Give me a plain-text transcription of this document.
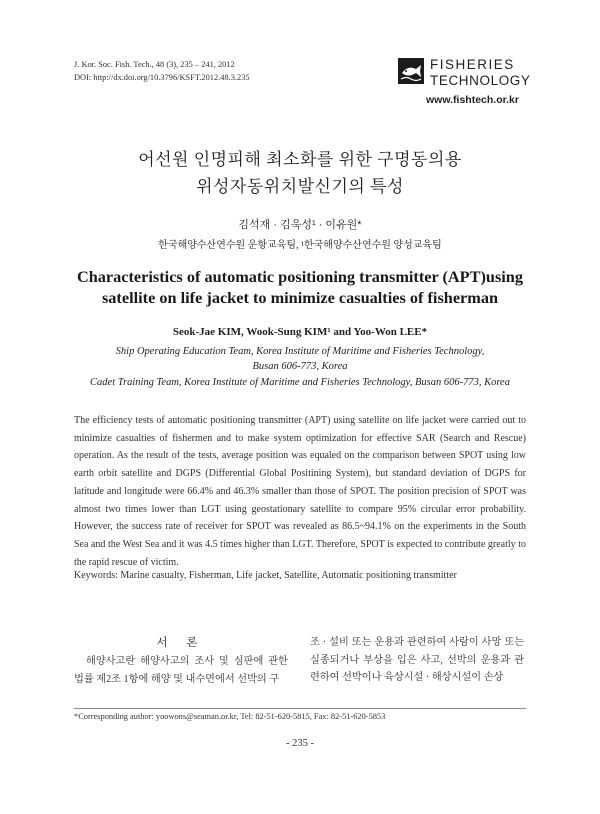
J. Kor. Soc. Fish. Tech., 48 (3), 235 – 241, 2012
DOI: http://dx.doi.org/10.3796/KSFT.2012.48.3.235
FISHERIES
TECHNOLOGY
www.fishtech.or.kr
어선원 인명피해 최소화를 위한 구명동의용
위성자동위치발신기의 특성
김석재 · 김욱성¹ · 이유원*
한국해양수산연수원 운항교육팀, ¹한국해양수산연수원 양성교육팀
Characteristics of automatic positioning transmitter (APT)using
satellite on life jacket to minimize casualties of fisherman
Seok-Jae KIM, Wook-Sung KIM¹ and Yoo-Won LEE*
Ship Operating Education Team, Korea Institute of Maritime and Fisheries Technology,
Busan 606-773, Korea
Cadet Training Team, Korea Institute of Maritime and Fisheries Technology, Busan 606-773, Korea

The efficiency tests of automatic positioning transmitter (APT) using satellite on life jacket were carried out to minimize casualties of fishermen and to make system optimization for effective SAR (Search and Rescue) operation. As the result of the tests, average position was equaled on the comparison between SPOT using low earth orbit satellite and DGPS (Differential Global Positining System), but standard deviation of DGPS for latitude and longitude were 66.4% and 46.3% smaller than those of SPOT. The position precision of SPOT was almost two times lower than LGT using geostationary satellite to compare 95% circular error probability. However, the success rate of receiver for SPOT was revealed as 86.5~94.1% on the experiments in the South Sea and the West Sea and it was 4.5 times higher than LGT. Therefore, SPOT is expected to contribute greatly to the rapid rescue of victim.

Keywords: Marine casualty, Fisherman, Life jacket, Satellite, Automatic positioning transmitter
서 론
해양사고란 해양사고의 조사 및 심판에 관한 법률 제2조 1항에 해양 및 내수면에서 선박의 구
조 · 설비 또는 운용과 관련하여 사람이 사망 또는 실종되거나 부상을 입은 사고, 선박의 운용과 관련하여 선박이나 육상시설 · 해상시설이 손상
*Corresponding author: yoowons@seaman.or.kr, Tel: 82-51-620-5815, Fax: 82-51-620-5853
- 235 -
